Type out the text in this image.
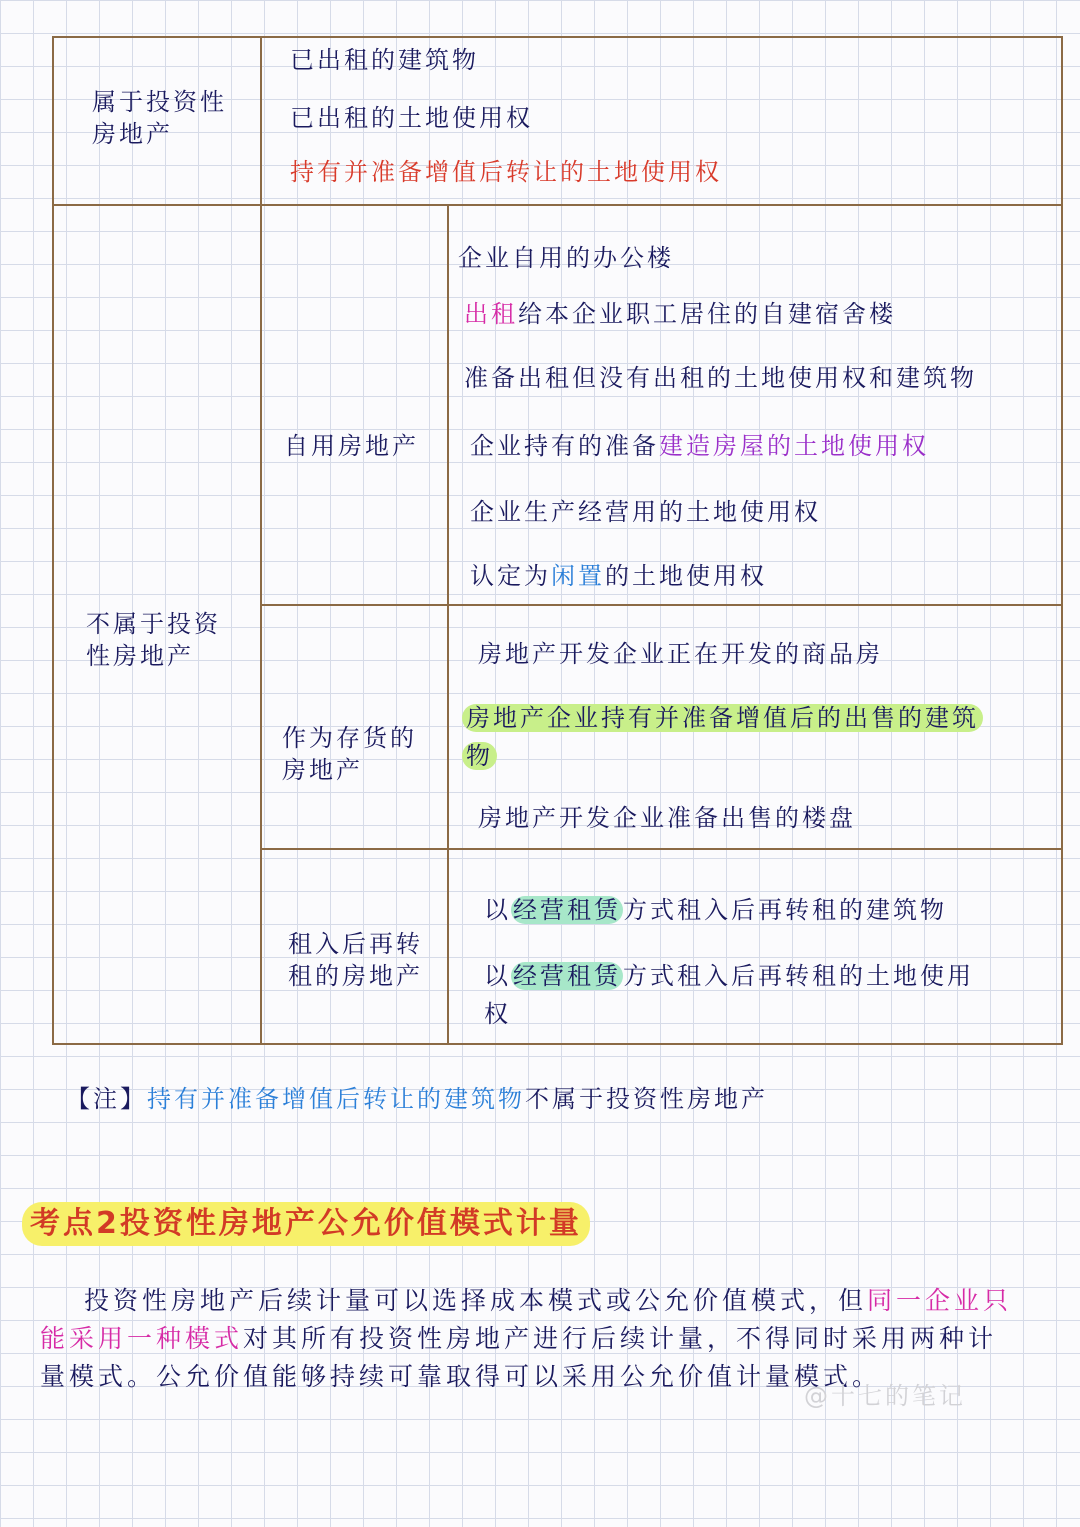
属于投资性房地产
已出租的建筑物
已出租的土地使用权
持有并准备增值后转让的土地使用权
不属于投资性房地产
自用房地产
作为存货的房地产
租入后再转租的房地产
企业自用的办公楼
出租给本企业职工居住的自建宿舍楼
准备出租但没有出租的土地使用权和建筑物
企业持有的准备建造房屋的土地使用权
企业生产经营用的土地使用权
认定为闲置的土地使用权
房地产开发企业正在开发的商品房
房地产企业持有并准备增值后的出售的建筑
物
房地产开发企业准备出售的楼盘
以经营租赁方式租入后再转租的建筑物
以经营租赁方式租入后再转租的土地使用
权
【注】持有并准备增值后转让的建筑物不属于投资性房地产
考点2投资性房地产公允价值模式计量
投资性房地产后续计量可以选择成本模式或公允价值模式，但同一企业只能采用一种模式对其所有投资性房地产进行后续计量，不得同时采用两种计量模式。公允价值能够持续可靠取得可以采用公允价值计量模式。
@十七的笔记
